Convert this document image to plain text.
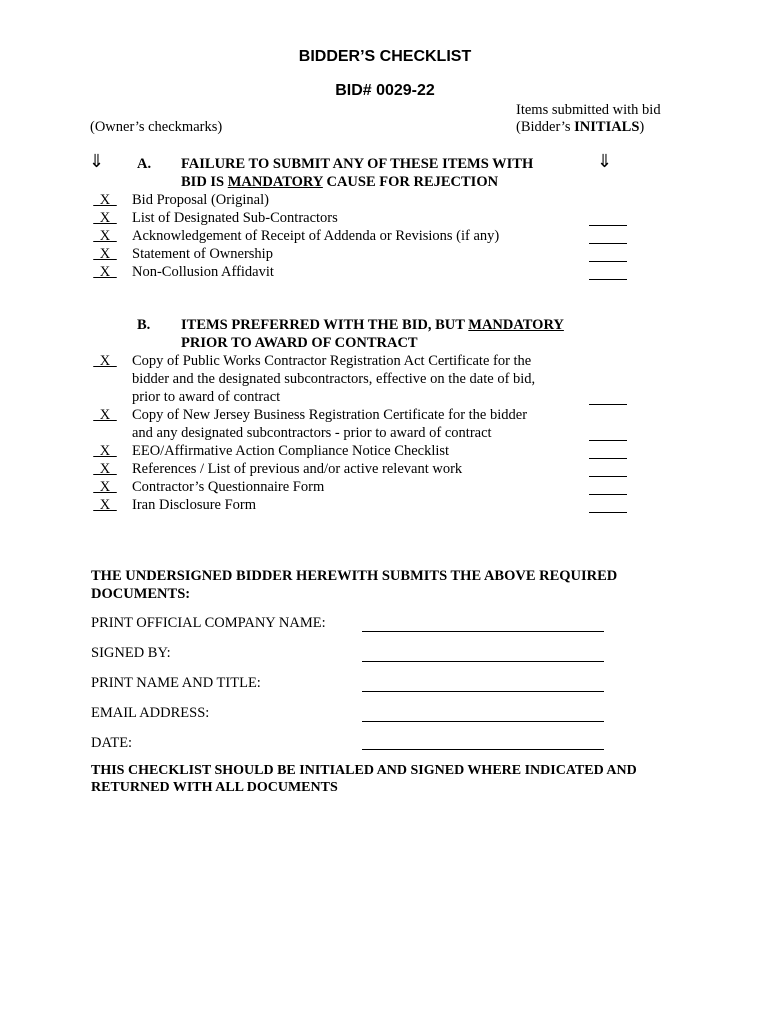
BIDDER’S CHECKLIST
BID# 0029-22
Items submitted with bid
(Owner’s checkmarks)	(Bidder’s INITIALS)
⇓	⇓
A. FAILURE TO SUBMIT ANY OF THESE ITEMS WITH
BID IS MANDATORY CAUSE FOR REJECTION
  X   Bid Proposal (Original)
  X   List of Designated Sub-Contractors
  X   Acknowledgement of Receipt of Addenda or Revisions (if any)
  X   Statement of Ownership
  X   Non-Collusion Affidavit
B. ITEMS PREFERRED WITH THE BID, BUT MANDATORY
PRIOR TO AWARD OF CONTRACT
  X   Copy of Public Works Contractor Registration Act Certificate for the
bidder and the designated subcontractors, effective on the date of bid,
prior to award of contract
  X   Copy of New Jersey Business Registration Certificate for the bidder
and any designated subcontractors - prior to award of contract
  X   EEO/Affirmative Action Compliance Notice Checklist
  X   References / List of previous and/or active relevant work
  X   Contractor’s Questionnaire Form
  X   Iran Disclosure Form
THE UNDERSIGNED BIDDER HEREWITH SUBMITS THE ABOVE REQUIRED
DOCUMENTS:
PRINT OFFICIAL COMPANY NAME:
SIGNED BY:
PRINT NAME AND TITLE:
EMAIL ADDRESS:
DATE:
THIS CHECKLIST SHOULD BE INITIALED AND SIGNED WHERE INDICATED AND
RETURNED WITH ALL DOCUMENTS
